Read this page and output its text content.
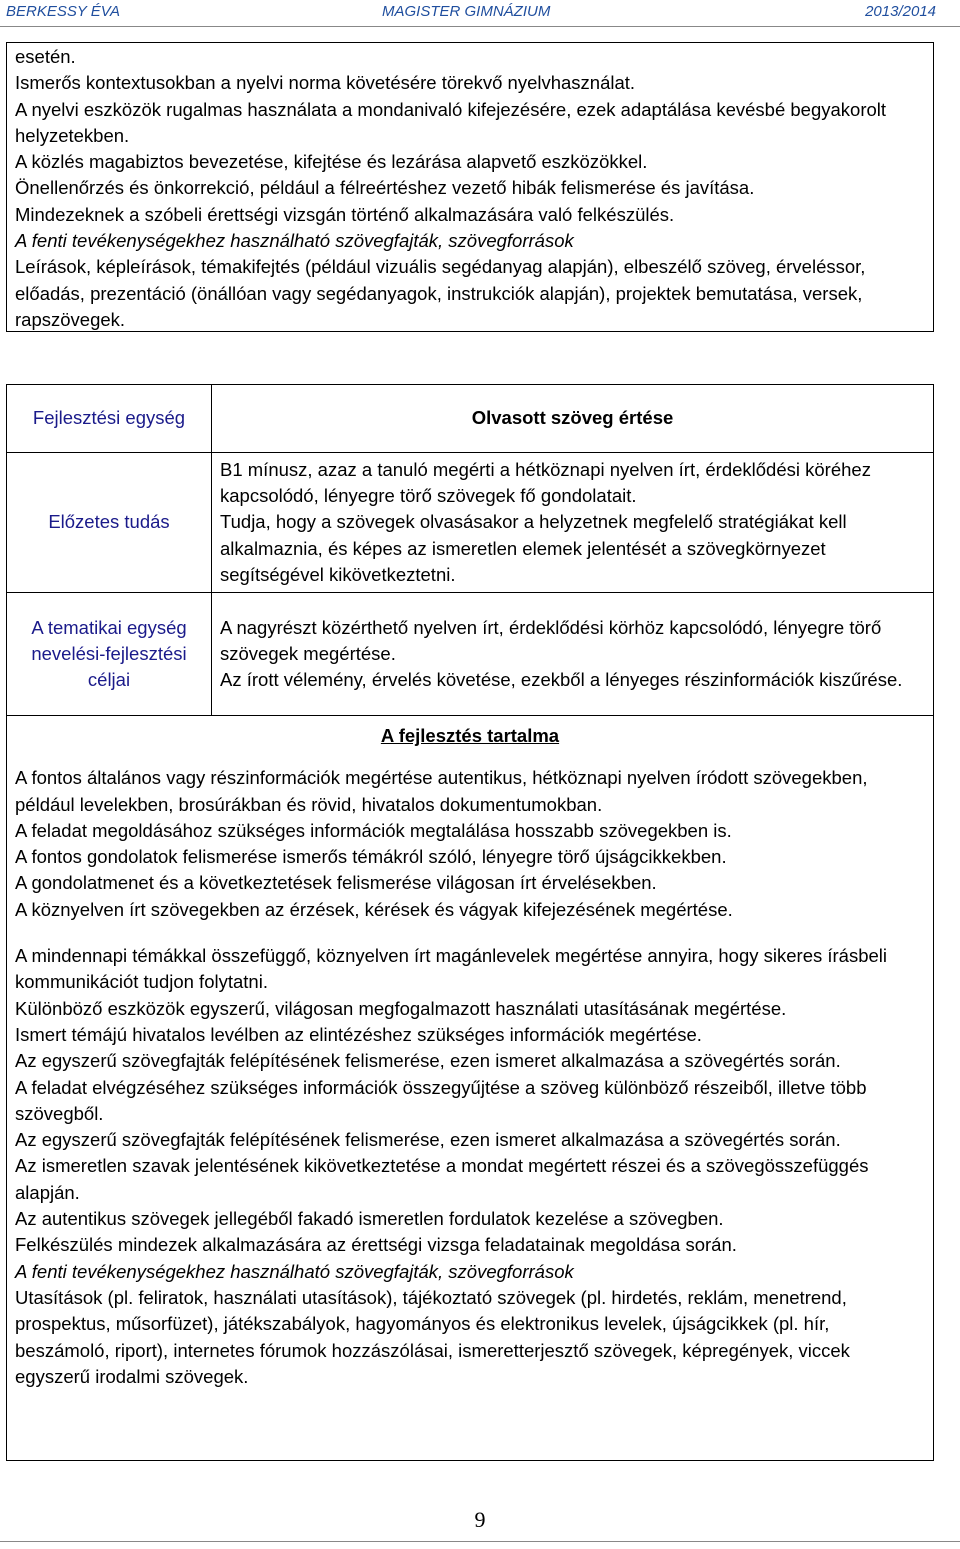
BERKESSY ÉVA	MAGISTER GIMNÁZIUM	2013/2014

esetén.

Ismerős kontextusokban a nyelvi norma követésére törekvő nyelvhasználat.

A nyelvi eszközök rugalmas használata a mondanivaló kifejezésére, ezek adaptálása kevésbé begyakorolt helyzetekben.

A közlés magabiztos bevezetése, kifejtése és lezárása alapvető eszközökkel.

Önellenőrzés és önkorrekció, például a félreértéshez vezető hibák felismerése és javítása.

Mindezeknek a szóbeli érettségi vizsgán történő alkalmazására való felkészülés.

A fenti tevékenységekhez használható szövegfajták, szövegforrások

Leírások, képleírások, témakifejtés (például vizuális segédanyag alapján), elbeszélő szöveg, érveléssor, előadás, prezentáció (önállóan vagy segédanyagok, instrukciók alapján), projektek bemutatása, versek, rapszövegek.

Fejlesztési egység	Olvasott szöveg értése
Előzetes tudás	B1 mínusz, azaz a tanuló megérti a hétköznapi nyelven írt, érdeklődési köréhez kapcsolódó, lényegre törő szövegek fő gondolatait.

Tudja, hogy a szövegek olvasásakor a helyzetnek megfelelő stratégiákat kell alkalmaznia, és képes az ismeretlen elemek jelentését a szövegkörnyezet segítségével kikövetkeztetni.

A tematikai egység nevelési-fejlesztési céljai	A nagyrészt közérthető nyelven írt, érdeklődési körhöz kapcsolódó, lényegre törő szövegek megértése.

Az írott vélemény, érvelés követése, ezekből a lényeges részinformációk kiszűrése.

A fejlesztés tartalma

A fontos általános vagy részinformációk megértése autentikus, hétköznapi nyelven íródott szövegekben, például levelekben, brosúrákban és rövid, hivatalos dokumentumokban.

A feladat megoldásához szükséges információk megtalálása hosszabb szövegekben is.

A fontos gondolatok felismerése ismerős témákról szóló, lényegre törő újságcikkekben.

A gondolatmenet és a következtetések felismerése világosan írt érvelésekben.

A köznyelven írt szövegekben az érzések, kérések és vágyak kifejezésének megértése.

A mindennapi témákkal összefüggő, köznyelven írt magánlevelek megértése annyira, hogy sikeres írásbeli kommunikációt tudjon folytatni.

Különböző eszközök egyszerű, világosan megfogalmazott használati utasításának megértése.

Ismert témájú hivatalos levélben az elintézéshez szükséges információk megértése.

Az egyszerű szövegfajták felépítésének felismerése, ezen ismeret alkalmazása a szövegértés során.

A feladat elvégzéséhez szükséges információk összegyűjtése a szöveg különböző részeiből, illetve több szövegből.

Az egyszerű szövegfajták felépítésének felismerése, ezen ismeret alkalmazása a szövegértés során.

Az ismeretlen szavak jelentésének kikövetkeztetése a mondat megértett részei és a szövegösszefüggés alapján.

Az autentikus szövegek jellegéből fakadó ismeretlen fordulatok kezelése a szövegben.

Felkészülés mindezek alkalmazására az érettségi vizsga feladatainak megoldása során.

A fenti tevékenységekhez használható szövegfajták, szövegforrások

Utasítások (pl. feliratok, használati utasítások), tájékoztató szövegek (pl. hirdetés, reklám, menetrend, prospektus, műsorfüzet), játékszabályok, hagyományos és elektronikus levelek, újságcikkek (pl. hír, beszámoló, riport), internetes fórumok hozzászólásai, ismeretterjesztő szövegek, képregények, viccek egyszerű irodalmi szövegek.

9
